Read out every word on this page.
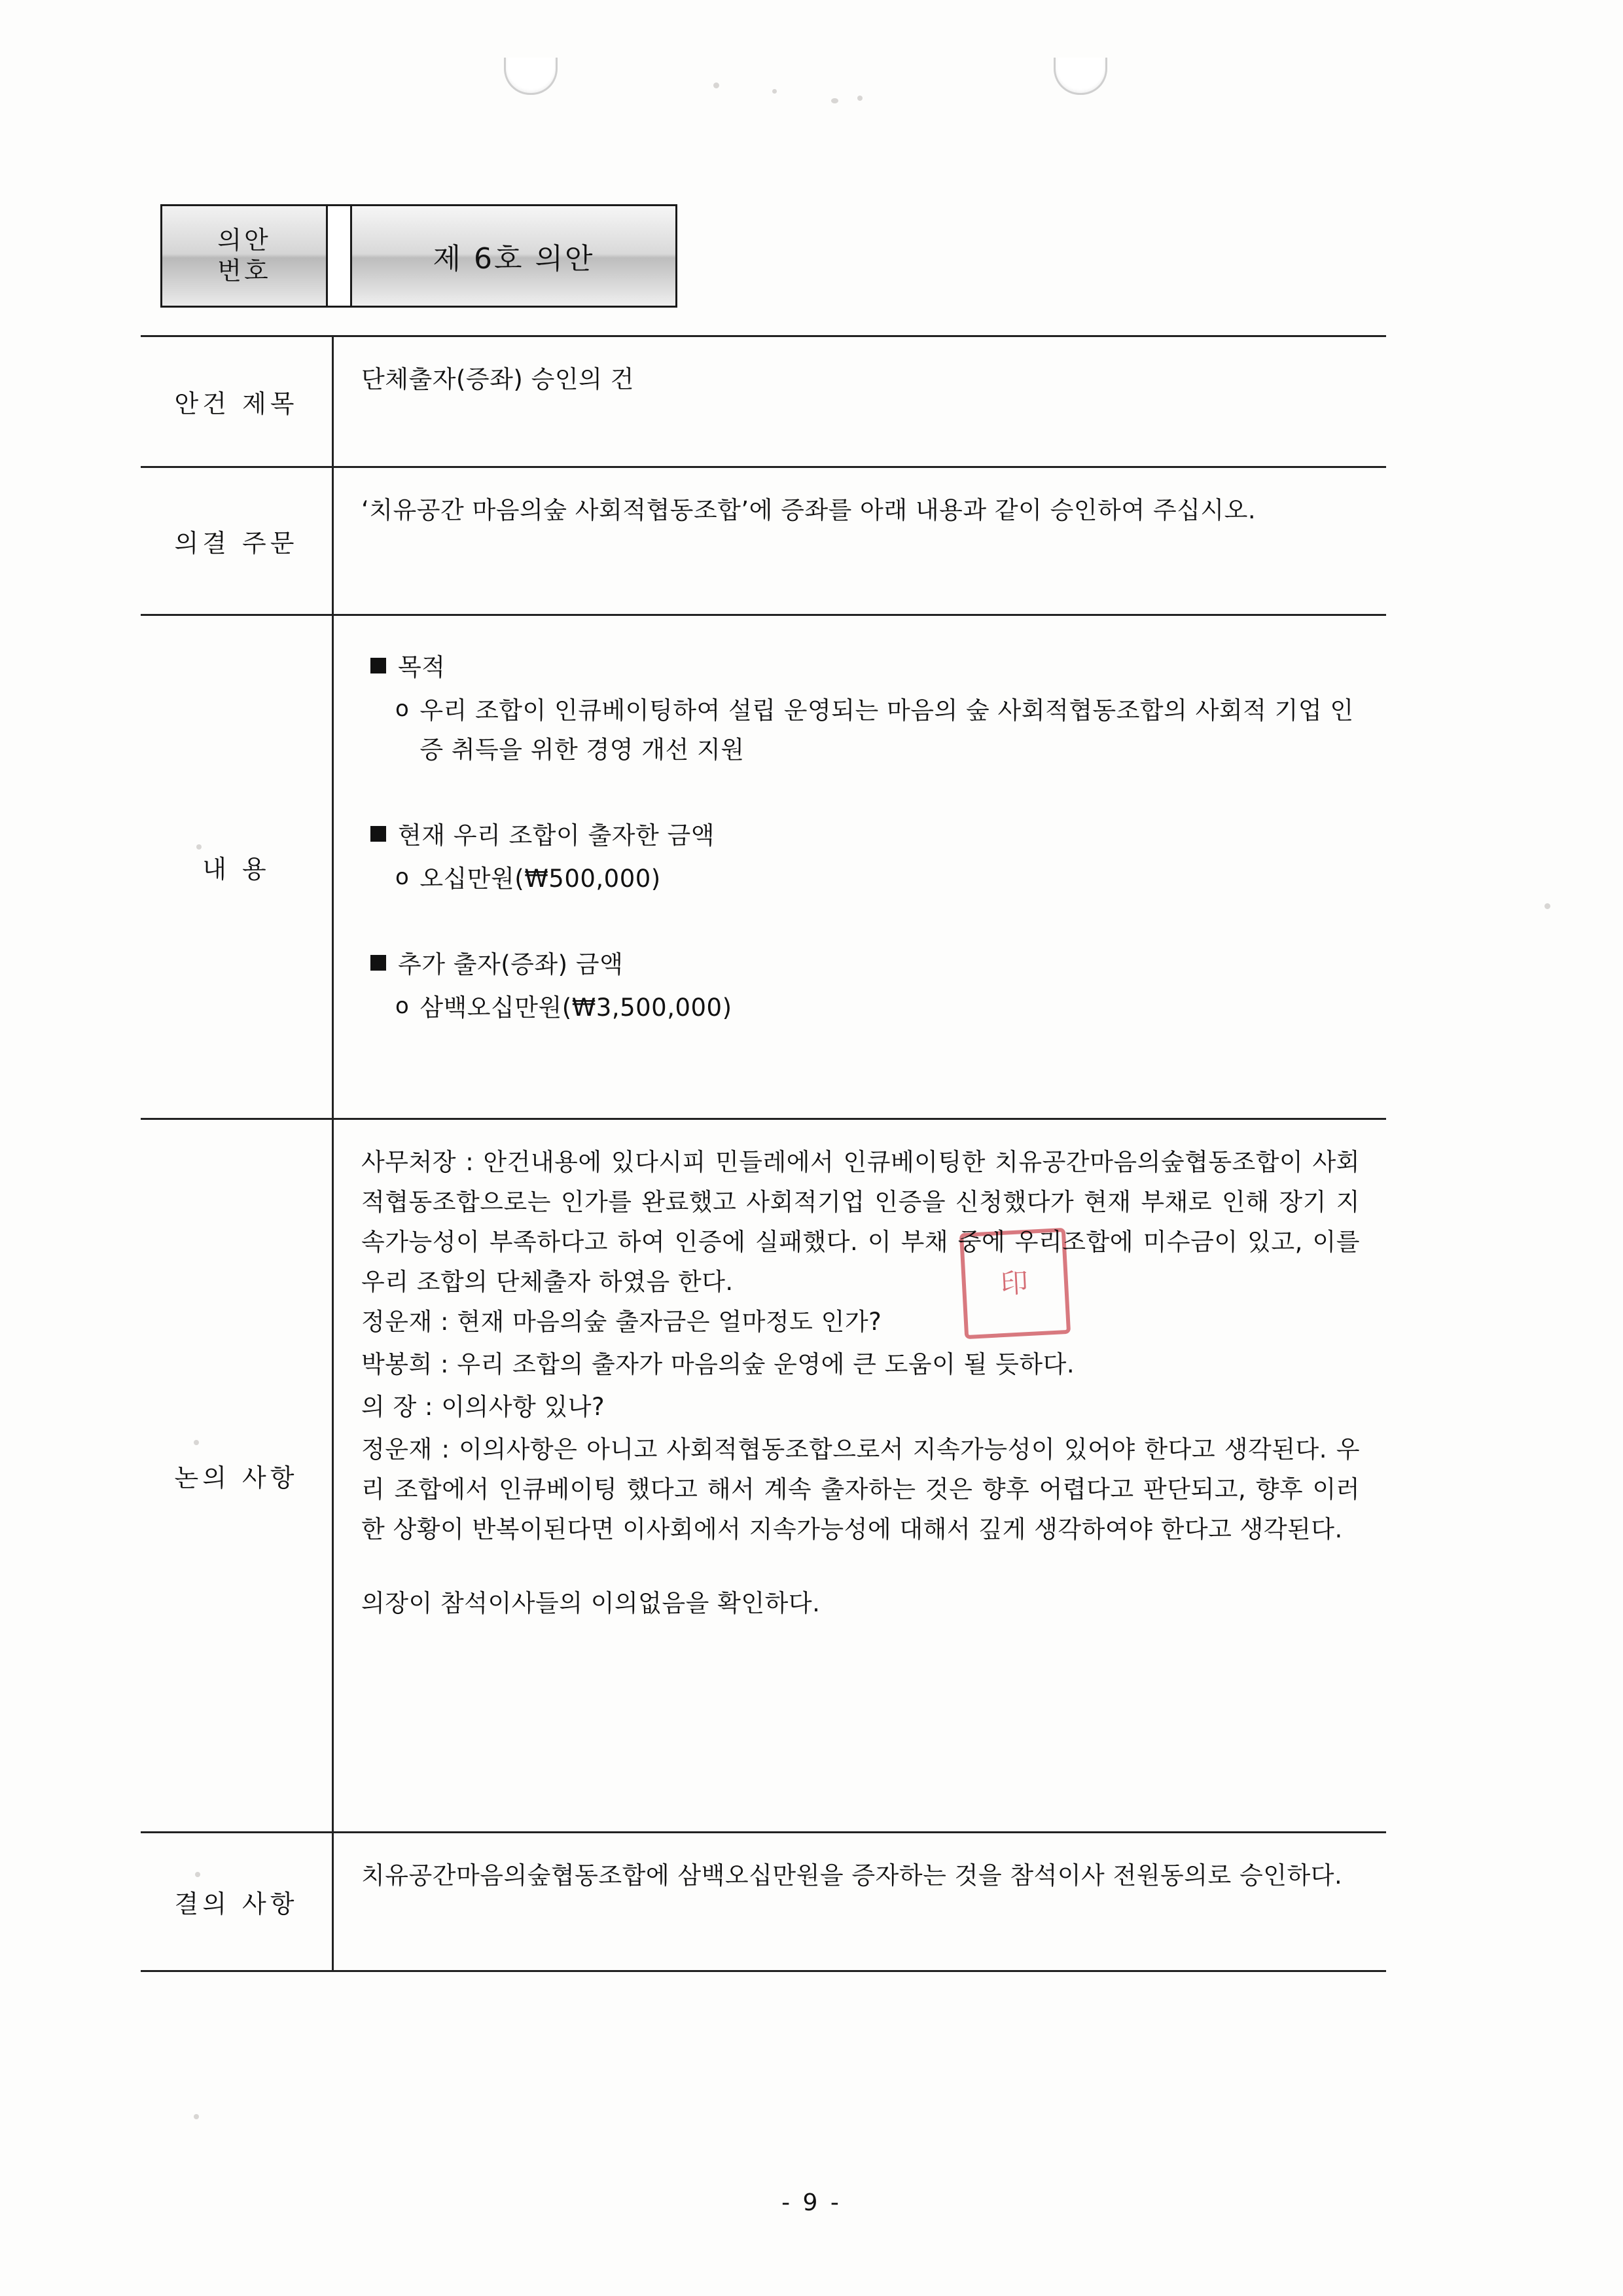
의안
번호	제 6호 의안
안건 제목
단체출자(증좌) 승인의 건
의결 주문
‘치유공간 마음의숲 사회적협동조합’에 증좌를 아래 내용과 같이 승인하여 주십시오.
내 용
목적
o 우리 조합이 인큐베이팅하여 설립 운영되는 마음의 숲 사회적협동조합의 사회적 기업 인증 취득을 위한 경영 개선 지원
현재 우리 조합이 출자한 금액
o 오십만원(₩500,000)
추가 출자(증좌) 금액
o 삼백오십만원(₩3,500,000)
논의 사항

사무처장 : 안건내용에 있다시피 민들레에서 인큐베이팅한 치유공간마음의숲협동조합이 사회적협동조합으로는 인가를 완료했고 사회적기업 인증을 신청했다가 현재 부채로 인해 장기 지속가능성이 부족하다고 하여 인증에 실패했다. 이 부채 중에 우리조합에 미수금이 있고, 이를 우리 조합의 단체출자 하였음 한다.

정운재 : 현재 마음의숲 출자금은 얼마정도 인가?

박봉희 : 우리 조합의 출자가 마음의숲 운영에 큰 도움이 될 듯하다.

의 장 : 이의사항 있나?

정운재 : 이의사항은 아니고 사회적협동조합으로서 지속가능성이 있어야 한다고 생각된다. 우리 조합에서 인큐베이팅 했다고 해서 계속 출자하는 것은 향후 어렵다고 판단되고, 향후 이러한 상황이 반복이된다면 이사회에서 지속가능성에 대해서 깊게 생각하여야 한다고 생각된다.

의장이 참석이사들의 이의없음을 확인하다.

결의 사항
치유공간마음의숲협동조합에 삼백오십만원을 증자하는 것을 참석이사 전원동의로 승인하다.
印
- 9 -
